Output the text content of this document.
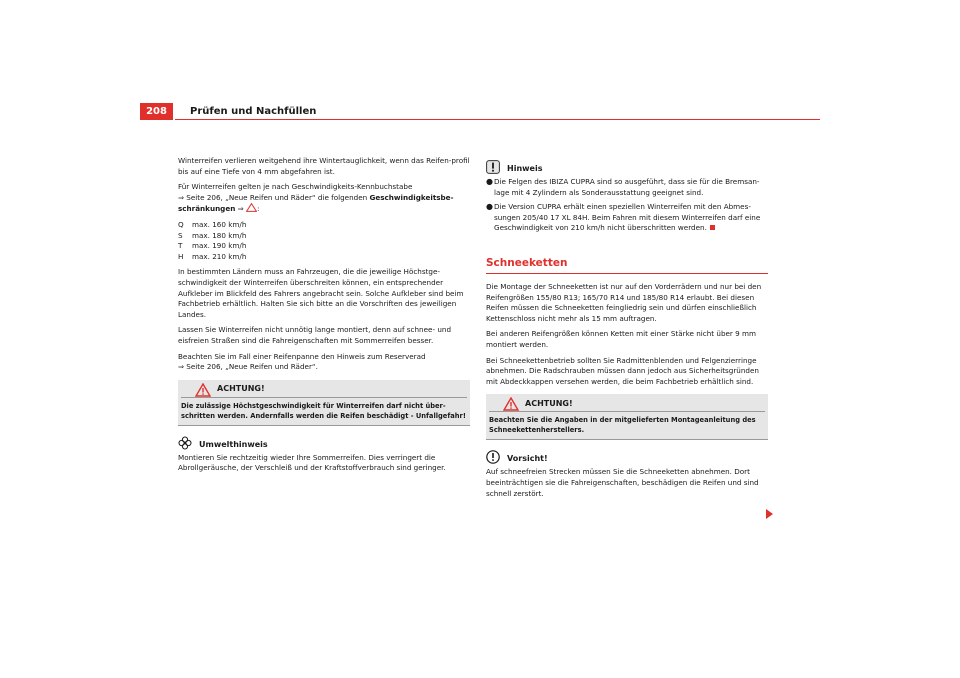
208	Prüfen und Nachfüllen

Winterreifen verlieren weitgehend ihre Wintertauglichkeit, wenn das Reifen-profil bis auf eine Tiefe von 4 mm abgefahren ist.

Für Winterreifen gelten je nach Geschwindigkeits-Kennbuchstabe
⇒ Seite 206, „Neue Reifen und Räder“ die folgenden Geschwindigkeitsbe-schränkungen ⇒ :

Q	max. 160 km/h
S	max. 180 km/h
T	max. 190 km/h
H	max. 210 km/h

In bestimmten Ländern muss an Fahrzeugen, die die jeweilige Höchstge-schwindigkeit der Winterreifen überschreiten können, ein entsprechender Aufkleber im Blickfeld des Fahrers angebracht sein. Solche Aufkleber sind beim Fachbetrieb erhältlich. Halten Sie sich bitte an die Vorschriften des jeweiligen Landes.

Lassen Sie Winterreifen nicht unnötig lange montiert, denn auf schnee- und eisfreien Straßen sind die Fahreigenschaften mit Sommerreifen besser.

Beachten Sie im Fall einer Reifenpanne den Hinweis zum Reserverad
⇒ Seite 206, „Neue Reifen und Räder“.

ACHTUNG!
Die zulässige Höchstgeschwindigkeit für Winterreifen darf nicht über-schritten werden. Andernfalls werden die Reifen beschädigt - Unfallgefahr!
Umwelthinweis

Montieren Sie rechtzeitig wieder Ihre Sommerreifen. Dies verringert die Abrollgeräusche, der Verschleiß und der Kraftstoffverbrauch sind geringer.

Hinweis
● Die Felgen des IBIZA CUPRA sind so ausgeführt, dass sie für die Bremsan-lage mit 4 Zylindern als Sonderausstattung geeignet sind.
● Die Version CUPRA erhält einen speziellen Winterreifen mit den Abmes-sungen 205/40 17 XL 84H. Beim Fahren mit diesem Winterreifen darf eine Geschwindigkeit von 210 km/h nicht überschritten werden.
Schneeketten

Die Montage der Schneeketten ist nur auf den Vorderrädern und nur bei den Reifengrößen 155/80 R13; 165/70 R14 und 185/80 R14 erlaubt. Bei diesen Reifen müssen die Schneeketten feingliedrig sein und dürfen einschließlich Kettenschloss nicht mehr als 15 mm auftragen.

Bei anderen Reifengrößen können Ketten mit einer Stärke nicht über 9 mm montiert werden.

Bei Schneekettenbetrieb sollten Sie Radmittenblenden und Felgenzierringe abnehmen. Die Radschrauben müssen dann jedoch aus Sicherheitsgründen mit Abdeckkappen versehen werden, die beim Fachbetrieb erhältlich sind.

ACHTUNG!
Beachten Sie die Angaben in der mitgelieferten Montageanleitung des Schneekettenherstellers.
Vorsicht!

Auf schneefreien Strecken müssen Sie die Schneeketten abnehmen. Dort beeinträchtigen sie die Fahreigenschaften, beschädigen die Reifen und sind schnell zerstört.
